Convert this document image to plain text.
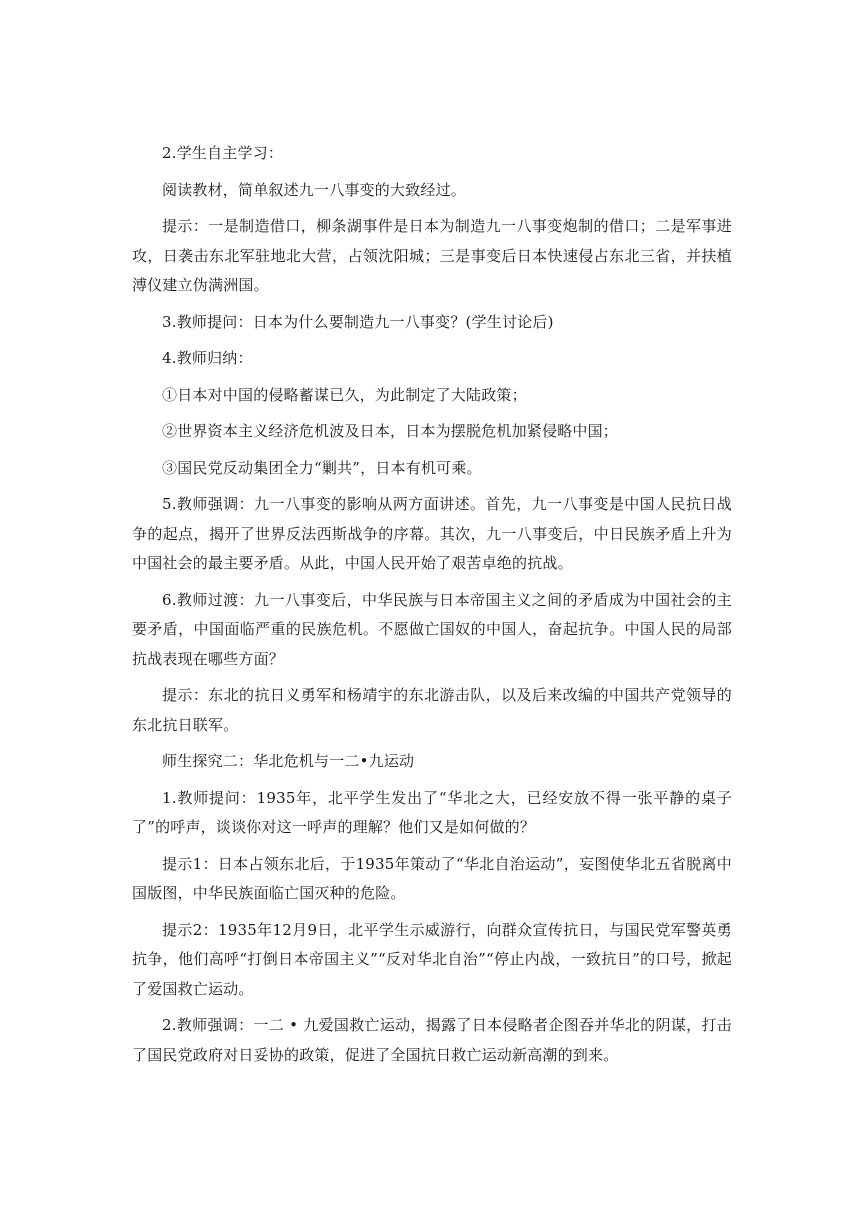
2.学生自主学习：

阅读教材，简单叙述九一八事变的大致经过。

提示：一是制造借口，柳条湖事件是日本为制造九一八事变炮制的借口；二是军事进攻，日袭击东北军驻地北大营，占领沈阳城；三是事变后日本快速侵占东北三省，并扶植溥仪建立伪满洲国。

3.教师提问：日本为什么要制造九一八事变？(学生讨论后)

4.教师归纳：

①日本对中国的侵略蓄谋已久，为此制定了大陆政策；

②世界资本主义经济危机波及日本，日本为摆脱危机加紧侵略中国；

③国民党反动集团全力“剿共”，日本有机可乘。

5.教师强调：九一八事变的影响从两方面讲述。首先，九一八事变是中国人民抗日战争的起点，揭开了世界反法西斯战争的序幕。其次，九一八事变后，中日民族矛盾上升为中国社会的最主要矛盾。从此，中国人民开始了艰苦卓绝的抗战。

6.教师过渡：九一八事变后，中华民族与日本帝国主义之间的矛盾成为中国社会的主要矛盾，中国面临严重的民族危机。不愿做亡国奴的中国人，奋起抗争。中国人民的局部抗战表现在哪些方面？

提示：东北的抗日义勇军和杨靖宇的东北游击队，以及后来改编的中国共产党领导的东北抗日联军。

师生探究二：华北危机与一二•九运动

1.教师提问：1935年，北平学生发出了“华北之大，已经安放不得一张平静的桌子了”的呼声，谈谈你对这一呼声的理解？他们又是如何做的？

提示1：日本占领东北后，于1935年策动了“华北自治运动”，妄图使华北五省脱离中国版图，中华民族面临亡国灭种的危险。

提示2：1935年12月9日，北平学生示威游行，向群众宣传抗日，与国民党军警英勇抗争，他们高呼“打倒日本帝国主义”“反对华北自治”“停止内战，一致抗日”的口号，掀起了爱国救亡运动。

2.教师强调：一二 • 九爱国救亡运动，揭露了日本侵略者企图吞并华北的阴谋，打击了国民党政府对日妥协的政策，促进了全国抗日救亡运动新高潮的到来。
